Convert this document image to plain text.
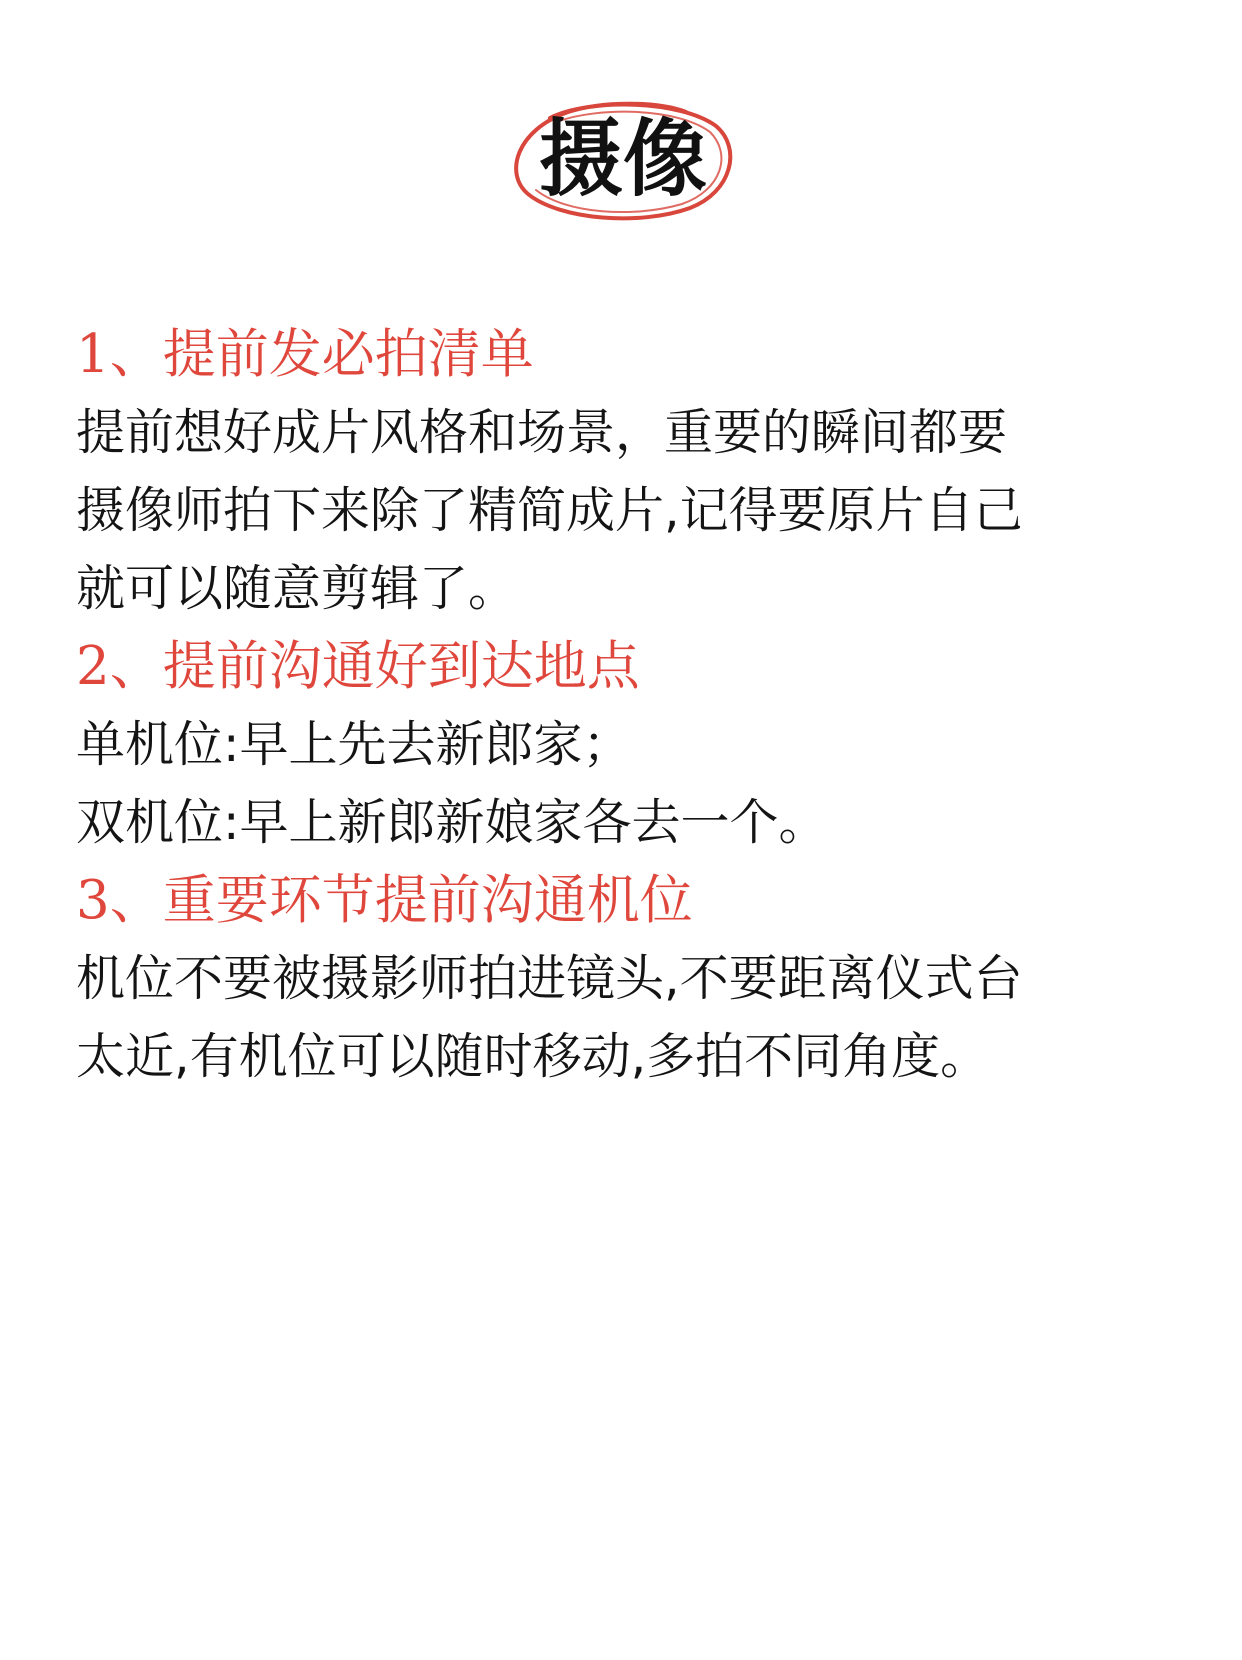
摄像
1、提前发必拍清单
提前想好成片风格和场景，重要的瞬间都要
摄像师拍下来除了精简成片,记得要原片自己
就可以随意剪辑了。
2、提前沟通好到达地点
单机位:早上先去新郎家；
双机位:早上新郎新娘家各去一个。
3、重要环节提前沟通机位
机位不要被摄影师拍进镜头,不要距离仪式台
太近,有机位可以随时移动,多拍不同角度。
